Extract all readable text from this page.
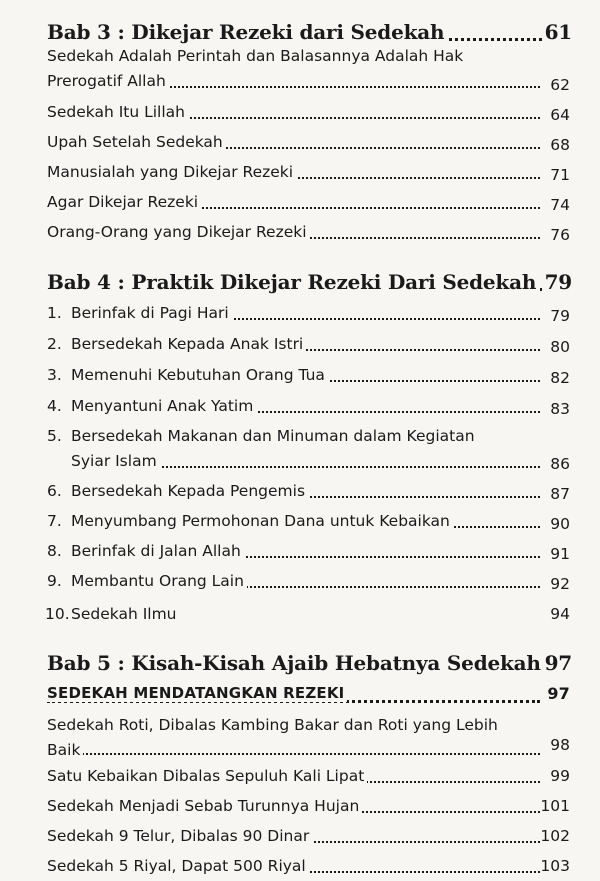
Bab 3 : Dikejar Rezeki dari Sedekah	61
Sedekah Adalah Perintah dan Balasannya Adalah Hak
Prerogatif Allah	62
Sedekah Itu Lillah	64
Upah Setelah Sedekah	68
Manusialah yang Dikejar Rezeki	71
Agar Dikejar Rezeki	74
Orang-Orang yang Dikejar Rezeki	76
Bab 4 : Praktik Dikejar Rezeki Dari Sedekah 79
1. Berinfak di Pagi Hari	79
2. Bersedekah Kepada Anak Istri	80
3. Memenuhi Kebutuhan Orang Tua	82
4. Menyantuni Anak Yatim	83
5. Bersedekah Makanan dan Minuman dalam Kegiatan
Syiar Islam	86
6. Bersedekah Kepada Pengemis	87
7. Menyumbang Permohonan Dana untuk Kebaikan	90
8. Berinfak di Jalan Allah	91
9. Membantu Orang Lain	92
10.Sedekah Ilmu	94
Bab 5 : Kisah-Kisah Ajaib Hebatnya Sedekah 97
SEDEKAH MENDATANGKAN REZEKI	97
Sedekah Roti, Dibalas Kambing Bakar dan Roti yang Lebih
Baik	98
Satu Kebaikan Dibalas Sepuluh Kali Lipat	99
Sedekah Menjadi Sebab Turunnya Hujan	101
Sedekah 9 Telur, Dibalas 90 Dinar	102
Sedekah 5 Riyal, Dapat 500 Riyal	103
